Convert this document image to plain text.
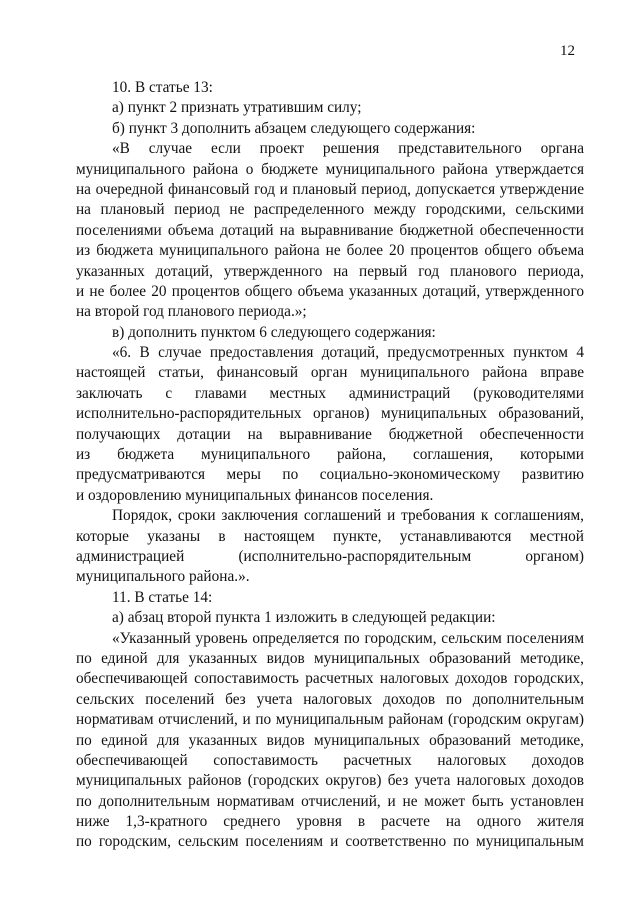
12
10. В статье 13:
а) пункт 2 признать утратившим силу;
б) пункт 3 дополнить абзацем следующего содержания:
«В случае если проект решения представительного органа
муниципального района о бюджете муниципального района утверждается
на очередной финансовый год и плановый период, допускается утверждение
на плановый период не распределенного между городскими, сельскими
поселениями объема дотаций на выравнивание бюджетной обеспеченности
из бюджета муниципального района не более 20 процентов общего объема
указанных дотаций, утвержденного на первый год планового периода,
и не более 20 процентов общего объема указанных дотаций, утвержденного
на второй год планового периода.»;
в) дополнить пунктом 6 следующего содержания:
«6. В случае предоставления дотаций, предусмотренных пунктом 4
настоящей статьи, финансовый орган муниципального района вправе
заключать с главами местных администраций (руководителями
исполнительно-распорядительных органов) муниципальных образований,
получающих дотации на выравнивание бюджетной обеспеченности
из бюджета муниципального района, соглашения, которыми
предусматриваются меры по социально-экономическому развитию
и оздоровлению муниципальных финансов поселения.
Порядок, сроки заключения соглашений и требования к соглашениям,
которые указаны в настоящем пункте, устанавливаются местной
администрацией (исполнительно-распорядительным органом)
муниципального района.».
11. В статье 14:
а) абзац второй пункта 1 изложить в следующей редакции:
«Указанный уровень определяется по городским, сельским поселениям
по единой для указанных видов муниципальных образований методике,
обеспечивающей сопоставимость расчетных налоговых доходов городских,
сельских поселений без учета налоговых доходов по дополнительным
нормативам отчислений, и по муниципальным районам (городским округам)
по единой для указанных видов муниципальных образований методике,
обеспечивающей сопоставимость расчетных налоговых доходов
муниципальных районов (городских округов) без учета налоговых доходов
по дополнительным нормативам отчислений, и не может быть установлен
ниже 1,3-кратного среднего уровня в расчете на одного жителя
по городским, сельским поселениям и соответственно по муниципальным
